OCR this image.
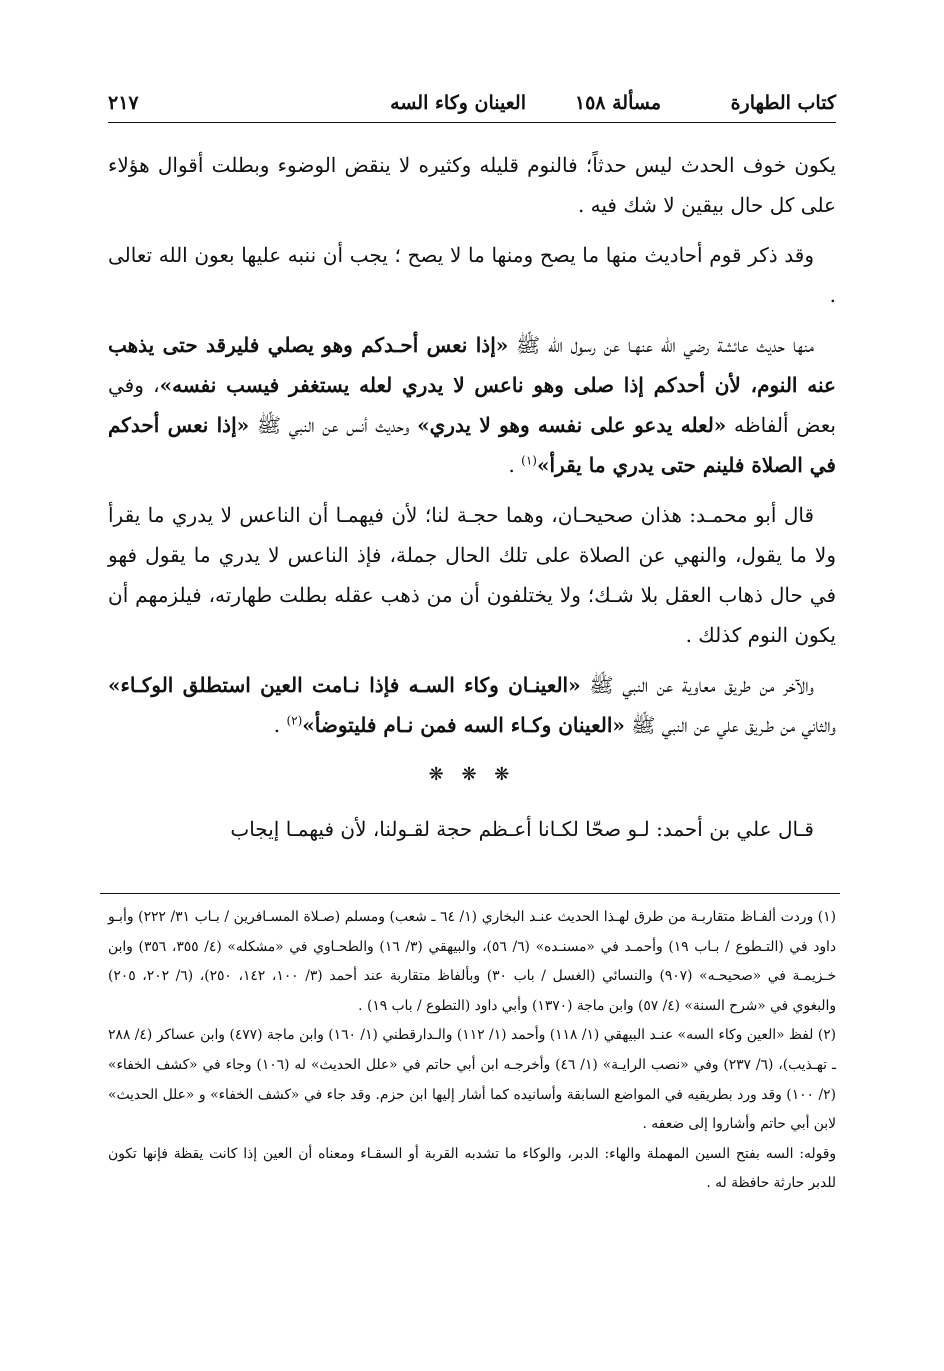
كتاب الطهارة
مسألة ١٥٨
العينان وكاء السه
٢١٧

يكون خوف الحدث ليس حدثاً؛ فالنوم قليله وكثيره لا ينقض الوضوء وبطلت أقوال هؤلاء على كل حال بيقين لا شك فيه .

وقد ذكر قوم أحاديث منها ما يصح ومنها ما لا يصح ؛ يجب أن ننبه عليها بعون الله تعالى .

منها حديث عائشة رضي الله عنهـا عن رسول الله ﷺ «إذا نعس أحـدكم وهو يصلي فليرقد حتى يذهب عنه النوم، لأن أحدكم إذا صلى وهو ناعس لا يدري لعله يستغفر فيسب نفسه»، وفي بعض ألفاظه «لعله يدعو على نفسه وهو لا يدري» وحديث أنس عن النبي ﷺ «إذا نعس أحدكم في الصلاة فلينم حتى يدري ما يقرأ»$^{(١)}$ .

قال أبو محمـد: هذان صحيحـان، وهما حجـة لنا؛ لأن فيهمـا أن الناعس لا يدري ما يقرأ ولا ما يقول، والنهي عن الصلاة على تلك الحال جملة، فإذ الناعس لا يدري ما يقول فهو في حال ذهاب العقل بلا شـك؛ ولا يختلفون أن من ذهب عقله بطلت طهارته، فيلزمهم أن يكون النوم كذلك .

والآخر من طريق معاوية عن النبي ﷺ «العينـان وكاء السـه فإذا نـامت العين استطلق الوكـاء» والثاني من طـريق علي عن النبي ﷺ «العينان وكـاء السه فمن نـام فليتوضأ»$^{(٢)}$ .

❋ ❋ ❋

قـال علي بن أحمد: لـو صحّا لكـانا أعـظم حجة لقـولنا، لأن فيهمـا إيجاب

(١) وردت ألفـاظ متقاربـة من طرق لهـذا الحديث عنـد البخاري (١/ ٦٤ ـ شعب) ومسلم (صـلاة المسـافرين / بـاب ٣١/ ٢٢٢) وأبـو داود في (التـطوع / بـاب ١٩) وأحمـد في «مسنـده» (٦/ ٥٦)، والبيهقي (٣/ ١٦) والطحـاوي في «مشكله» (٤/ ٣٥٥، ٣٥٦) وابن خـزيمـة في «صحيحـه» (٩٠٧) والنسائي (الغسل / باب ٣٠) وبألفاظ متقاربة عند أحمد (٣/ ١٠٠، ١٤٢، ٢٥٠)، (٦/ ٢٠٢، ٢٠٥) والبغوي في «شرح السنة» (٤/ ٥٧) وابن ماجة (١٣٧٠) وأبي داود (التطوع / باب ١٩) .

(٢) لفظ «العين وكاء السه» عنـد البيهقي (١/ ١١٨) وأحمد (١/ ١١٢) والـدارقطني (١/ ١٦٠) وابن ماجة (٤٧٧) وابن عساكر (٤/ ٢٨٨ ـ تهـذيب)، (٦/ ٢٣٧) وفي «نصب الرايـة» (١/ ٤٦) وأخرجـه ابن أبي حاتم في «علل الحديث» له (١٠٦) وجاء في «كشف الخفاء» (٢/ ١٠٠) وقد ورد بطريقيه في المواضع السابقة وأسانيده كما أشار إليها ابن حزم. وقد جاء في «كشف الخفاء» و «علل الحديث» لابن أبي حاتم وأشاروا إلى ضعفه .

وقوله: السه بفتح السين المهملة والهاء: الدبر، والوكاء ما تشدبه القربة أو السقـاء ومعناه أن العين إذا كانت يقظة فإنها تكون للدبر حارثة حافظة له .
